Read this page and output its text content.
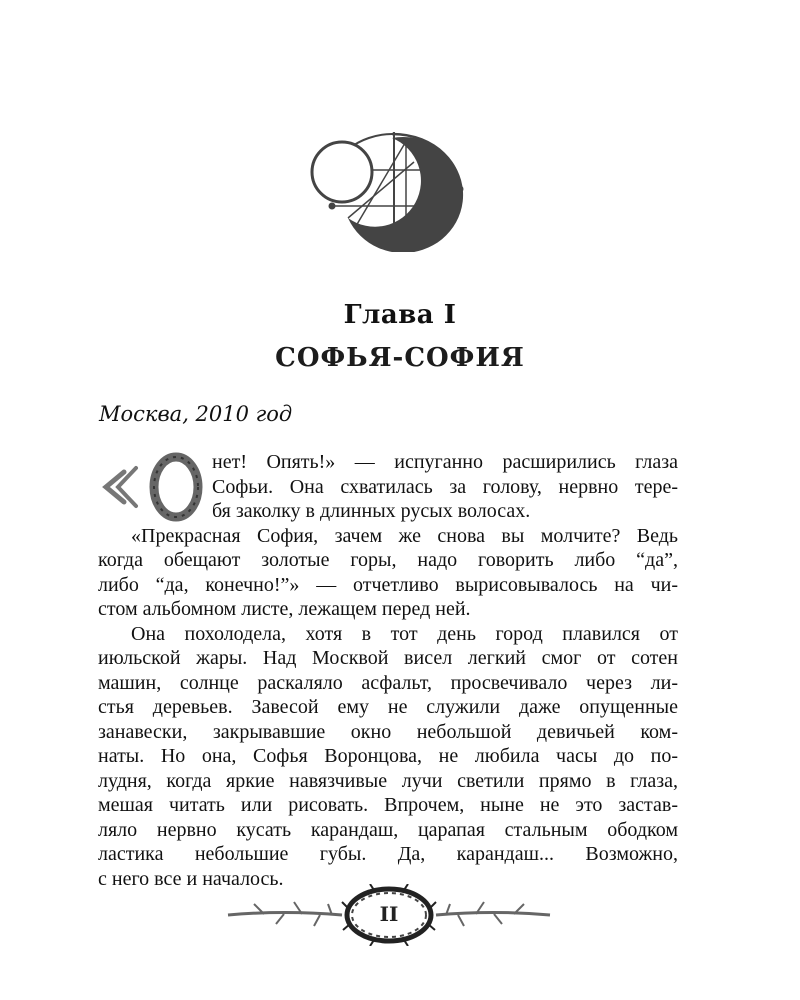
Глава I
СОФЬЯ-СОФИЯ

Москва, 2010 год

нет! Опять!» — испуганно расширились глаза
Софьи. Она схватилась за голову, нервно тере-
бя заколку в длинных русых волосах.
«Прекрасная София, зачем же снова вы молчите? Ведь
когда обещают золотые горы, надо говорить либо “да”,
либо “да, конечно!”» — отчетливо вырисовывалось на чи-
стом альбомном листе, лежащем перед ней.
Она похолодела, хотя в тот день город плавился от
июльской жары. Над Москвой висел легкий смог от сотен
машин, солнце раскаляло асфальт, просвечивало через ли-
стья деревьев. Завесой ему не служили даже опущенные
занавески, закрывавшие окно небольшой девичьей ком-
наты. Но она, Софья Воронцова, не любила часы до по-
лудня, когда яркие навязчивые лучи светили прямо в глаза,
мешая читать или рисовать. Впрочем, ныне не это застав-
ляло нервно кусать карандаш, царапая стальным ободком
ластика небольшие губы. Да, карандаш... Возможно,
с него все и началось.
II
